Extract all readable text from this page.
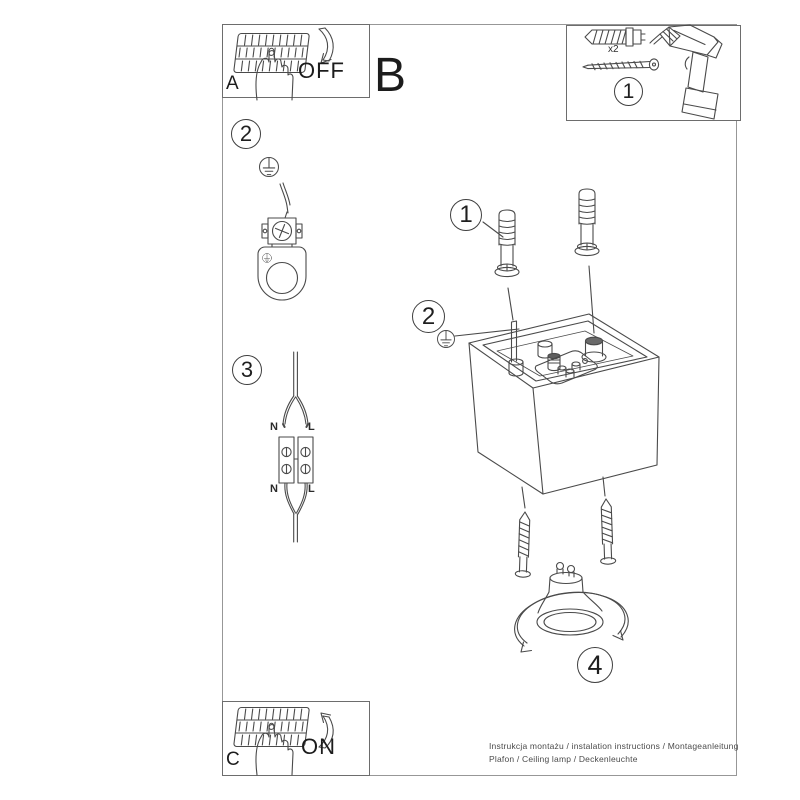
A
OFF B	x2
N	L
N	L
C
ON	Instrukcja montażu / instalation instructions / Montageanleitung
Plafon / Ceiling lamp / Deckenleuchte
1
2
3
1
2
4
